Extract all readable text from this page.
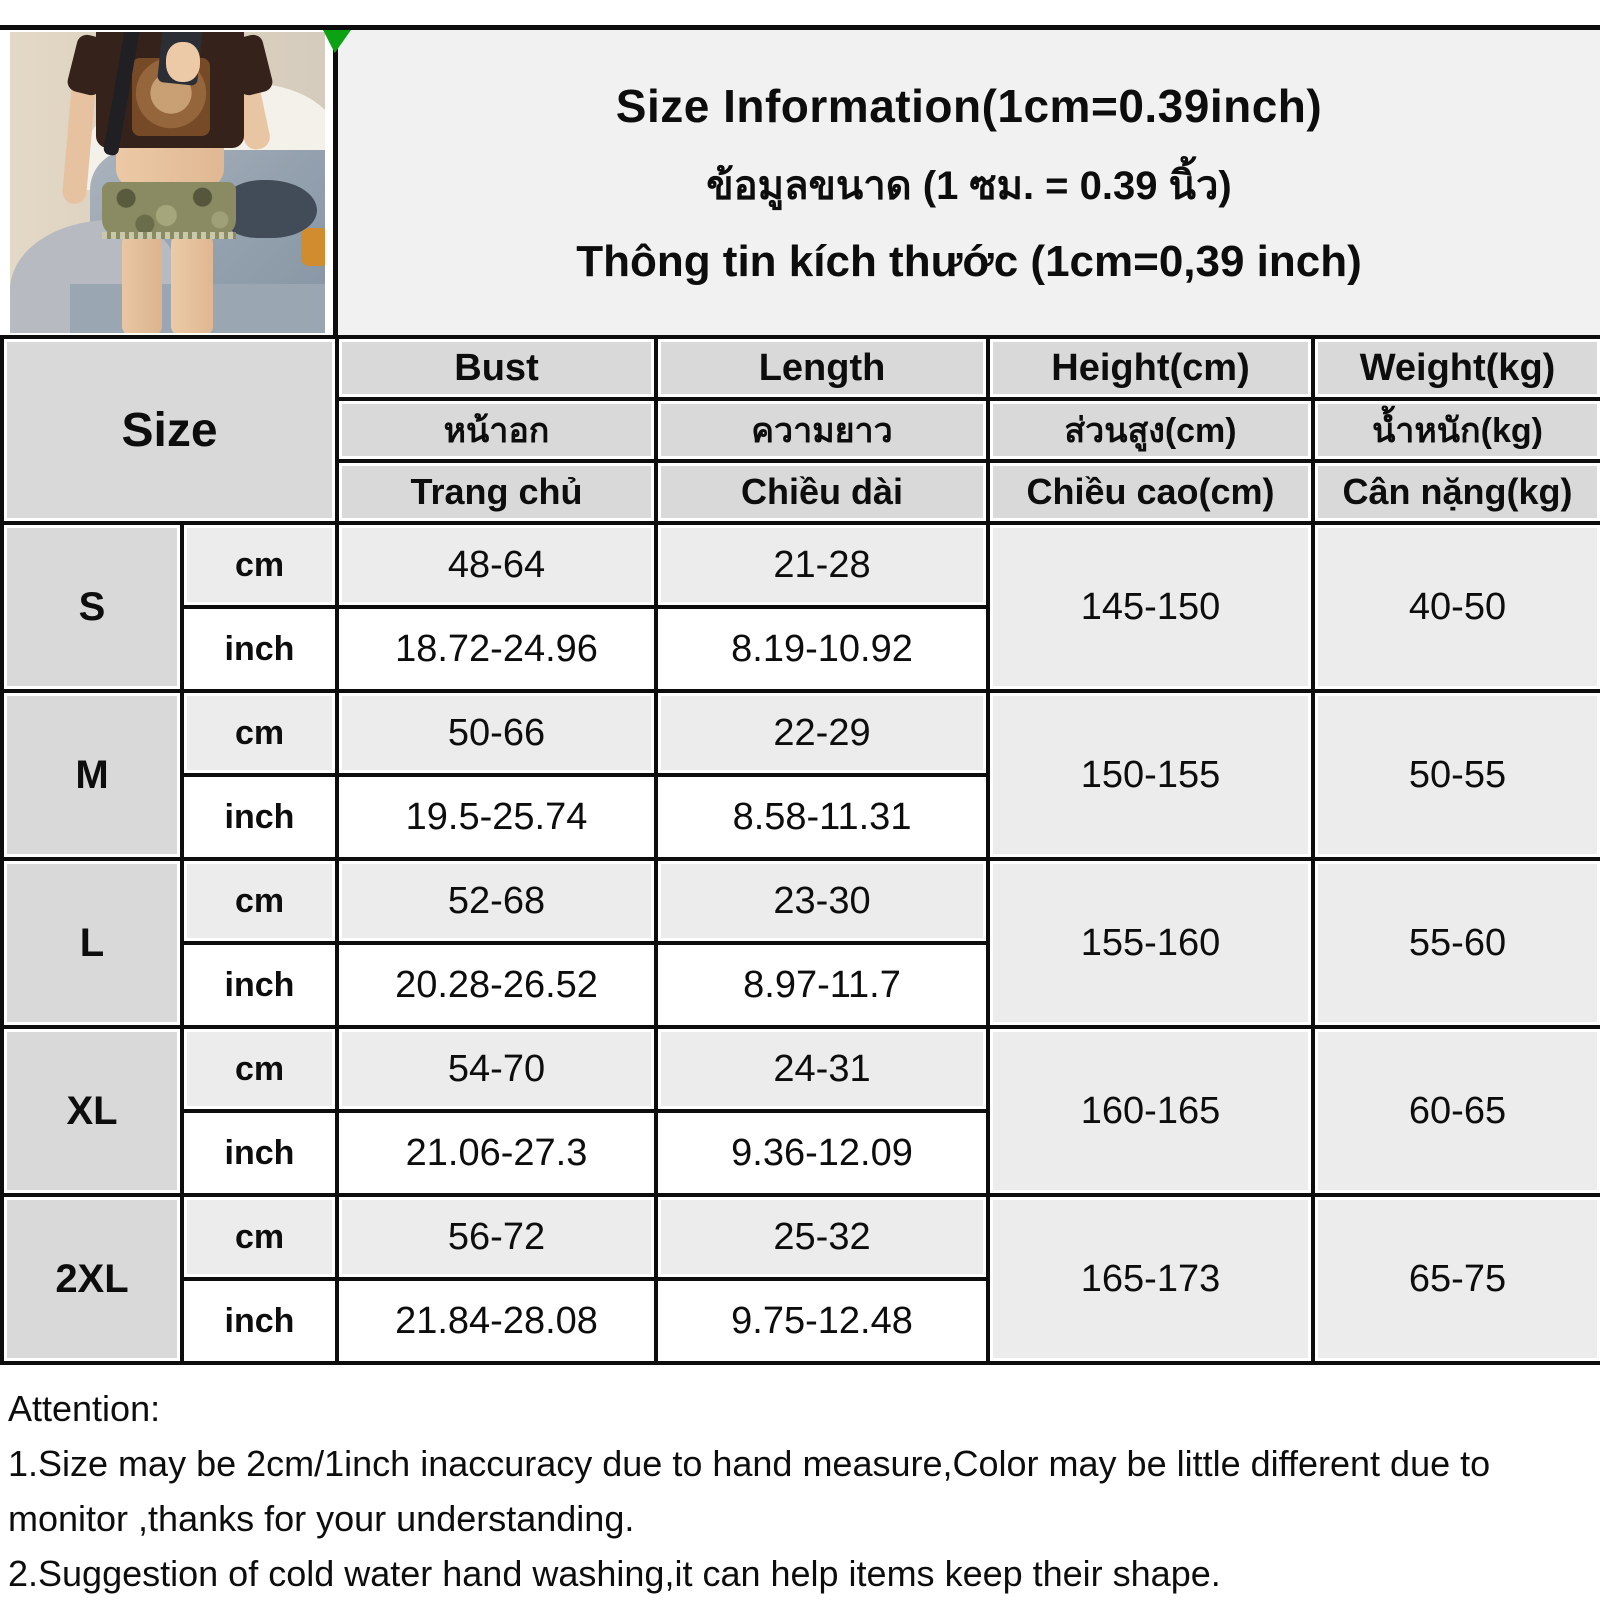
Size Information(1cm=0.39inch)
ข้อมูลขนาด (1 ซม. = 0.39 นิ้ว)
Thông tin kích thước (1cm=0,39 inch)
Size		Bust	Length	Height(cm)	Weight(kg)
		หน้าอก	ความยาว	ส่วนสูง(cm)	น้ำหนัก(kg)
		Trang chủ	Chiều dài	Chiều cao(cm)	Cân nặng(kg)
S	cm	48-64	21-28	145-150	40-50
	inch	18.72-24.96	8.19-10.92		
M	cm	50-66	22-29	150-155	50-55
	inch	19.5-25.74	8.58-11.31		
L	cm	52-68	23-30	155-160	55-60
	inch	20.28-26.52	8.97-11.7		
XL	cm	54-70	24-31	160-165	60-65
	inch	21.06-27.3	9.36-12.09		
2XL	cm	56-72	25-32	165-173	65-75
	inch	21.84-28.08	9.75-12.48		
Attention:
1.Size may be 2cm/1inch inaccuracy due to hand measure,Color may be little different due to monitor ,thanks for your understanding.
2.Suggestion of cold water hand washing,it can help items keep their shape.
